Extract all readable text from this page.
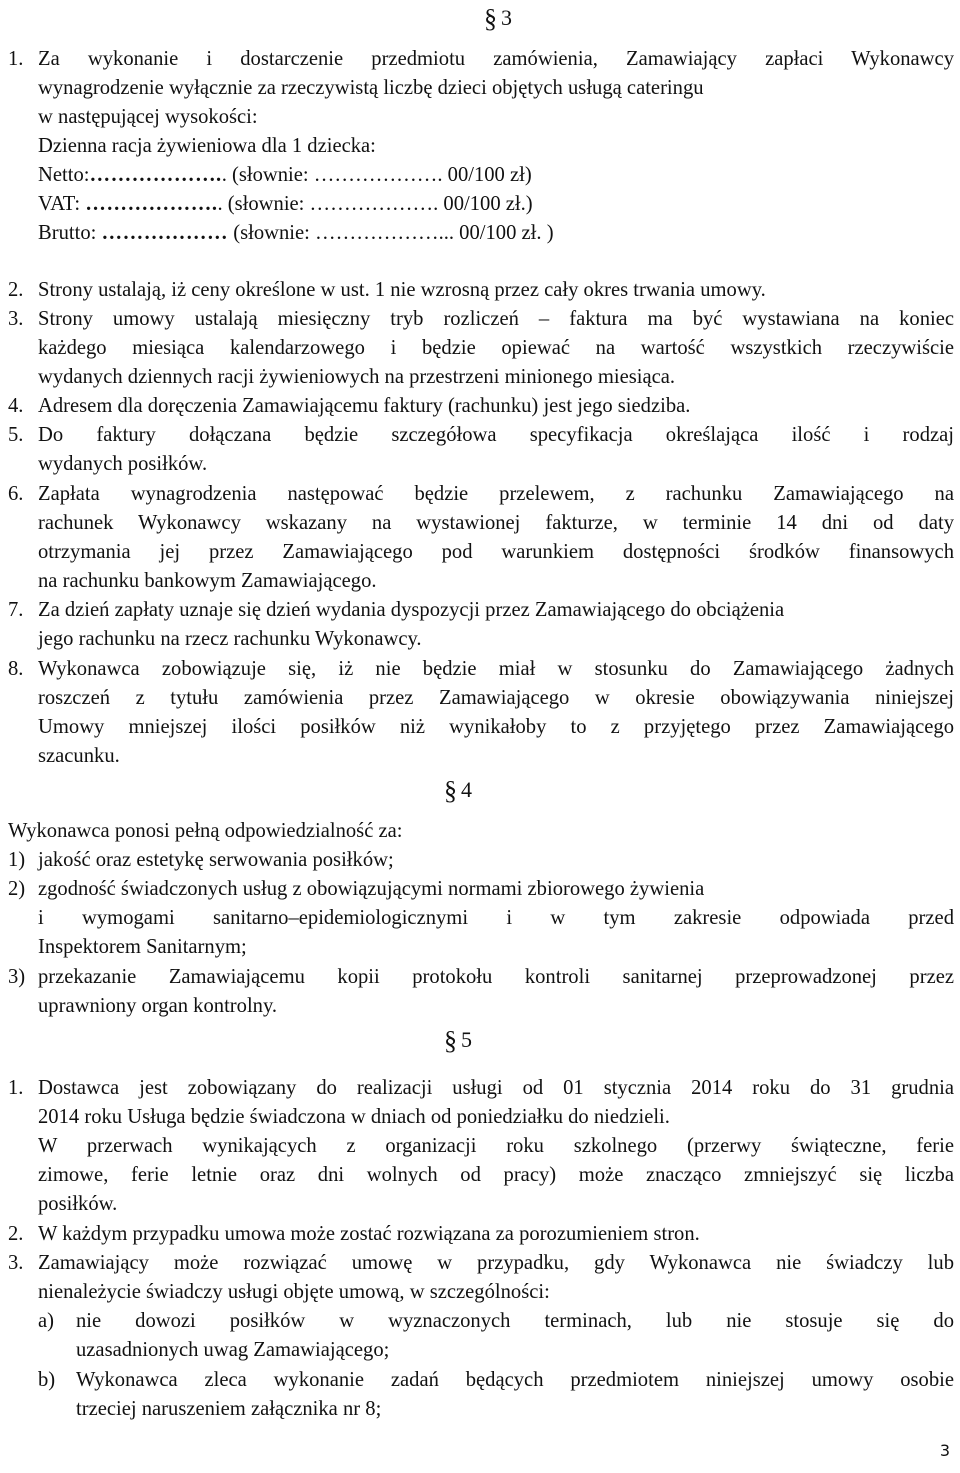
§ 3
1. Za wykonanie i dostarczenie przedmiotu zamówienia, Zamawiający zapłaci Wykonawcy

wynagrodzenie wyłącznie za rzeczywistą liczbę dzieci objętych usługą cateringu

w następującej wysokości:

Dzienna racja żywieniowa dla 1 dziecka:

Netto:……………….. (słownie: ………………. 00/100 zł)

VAT: ……………….. (słownie: ………………. 00/100 zł.)

Brutto: ……………… (słownie: ………………... 00/100 zł. )

2. Strony ustalają, iż ceny określone w ust. 1 nie wzrosną przez cały okres trwania umowy.

3. Strony umowy ustalają miesięczny tryb rozliczeń – faktura ma być wystawiana na koniec

każdego miesiąca kalendarzowego i będzie opiewać na wartość wszystkich rzeczywiście

wydanych dziennych racji żywieniowych na przestrzeni minionego miesiąca.

4. Adresem dla doręczenia Zamawiającemu faktury (rachunku) jest jego siedziba.

5. Do faktury dołączana będzie szczegółowa specyfikacja określająca ilość i rodzaj

wydanych posiłków.

6. Zapłata wynagrodzenia następować będzie przelewem, z rachunku Zamawiającego na

rachunek Wykonawcy wskazany na wystawionej fakturze, w terminie 14 dni od daty

otrzymania jej przez Zamawiającego pod warunkiem dostępności środków finansowych

na rachunku bankowym Zamawiającego.

7. Za dzień zapłaty uznaje się dzień wydania dyspozycji przez Zamawiającego do obciążenia

jego rachunku na rzecz rachunku Wykonawcy.

8. Wykonawca zobowiązuje się, iż nie będzie miał w stosunku do Zamawiającego żadnych

roszczeń z tytułu zamówienia przez Zamawiającego w okresie obowiązywania niniejszej

Umowy mniejszej ilości posiłków niż wynikałoby to z przyjętego przez Zamawiającego

szacunku.

§ 4

Wykonawca ponosi pełną odpowiedzialność za:

1) jakość oraz estetykę serwowania posiłków;

2) zgodność świadczonych usług z obowiązującymi normami zbiorowego żywienia

i wymogami sanitarno–epidemiologicznymi i w tym zakresie odpowiada przed

Inspektorem Sanitarnym;

3) przekazanie Zamawiającemu kopii protokołu kontroli sanitarnej przeprowadzonej przez

uprawniony organ kontrolny.

§ 5
1. Dostawca jest zobowiązany do realizacji usługi od 01 stycznia 2014 roku do 31 grudnia

2014 roku Usługa będzie świadczona w dniach od poniedziałku do niedzieli.

W przerwach wynikających z organizacji roku szkolnego (przerwy świąteczne, ferie

zimowe, ferie letnie oraz dni wolnych od pracy) może znacząco zmniejszyć się liczba

posiłków.

2. W każdym przypadku umowa może zostać rozwiązana za porozumieniem stron.

3. Zamawiający może rozwiązać umowę w przypadku, gdy Wykonawca nie świadczy lub

nienależycie świadczy usługi objęte umową, w szczególności:

a) nie dowozi posiłków w wyznaczonych terminach, lub nie stosuje się do

uzasadnionych uwag Zamawiającego;

b) Wykonawca zleca wykonanie zadań będących przedmiotem niniejszej umowy osobie

trzeciej naruszeniem załącznika nr 8;

3
